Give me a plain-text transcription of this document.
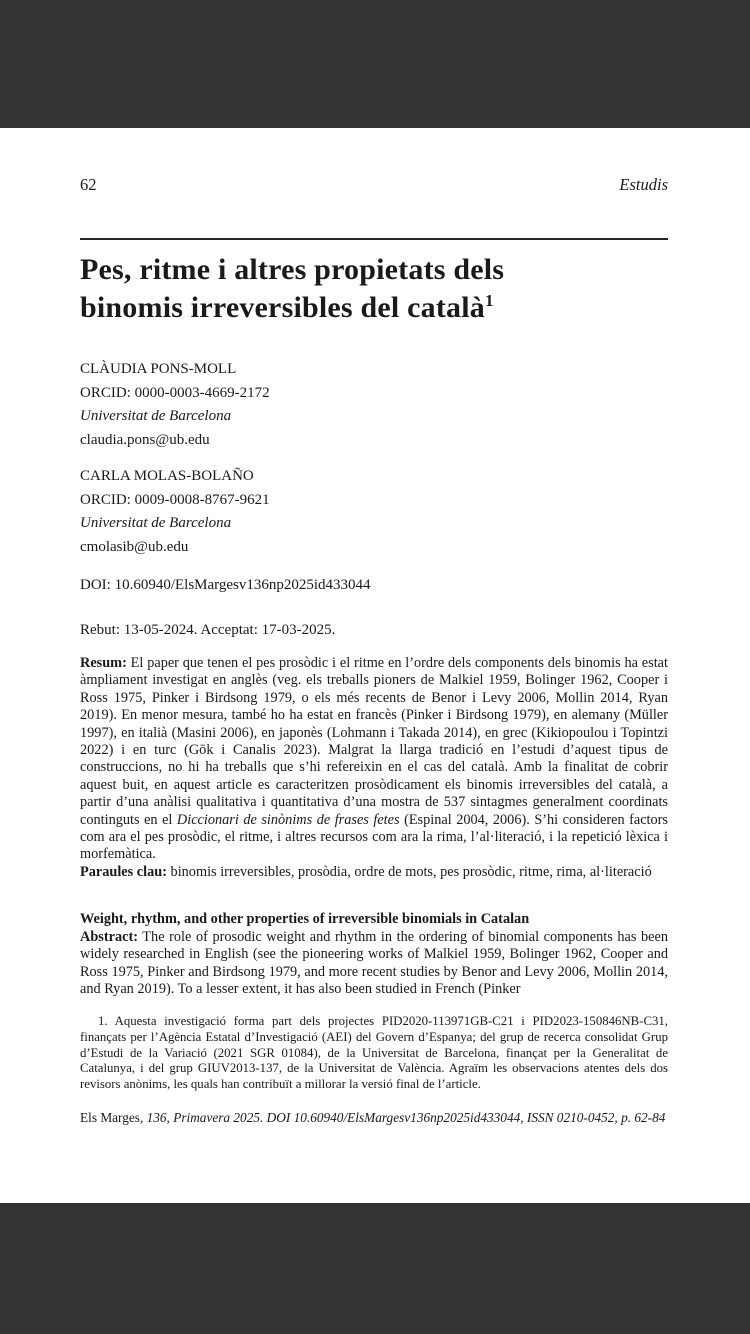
62	Estudis
Pes, ritme i altres propietats dels
binomis irreversibles del català$^1$
CLÀUDIA PONS-MOLL
ORCID: 0000-0003-4669-2172
Universitat de Barcelona
claudia.pons@ub.edu
CARLA MOLAS-BOLAÑO
ORCID: 0009-0008-8767-9621
Universitat de Barcelona
cmolasib@ub.edu

DOI: 10.60940/ElsMargesv136np2025id433044

Rebut: 13-05-2024. Acceptat: 17-03-2025.

Resum: El paper que tenen el pes prosòdic i el ritme en l’ordre dels components dels binomis ha estat àmpliament investigat en anglès (veg. els treballs pioners de Malkiel 1959, Bolinger 1962, Cooper i Ross 1975, Pinker i Birdsong 1979, o els més recents de Benor i Levy 2006, Mollin 2014, Ryan 2019). En menor mesura, també ho ha estat en francès (Pinker i Birdsong 1979), en alemany (Müller 1997), en italià (Masini 2006), en japonès (Lohmann i Takada 2014), en grec (Kikiopoulou i Topintzi 2022) i en turc (Gōk i Canalis 2023). Malgrat la llarga tradició en l’estudi d’aquest tipus de construccions, no hi ha treballs que s’hi refereixin en el cas del català. Amb la finalitat de cobrir aquest buit, en aquest article es caracteritzen prosòdicament els binomis irreversibles del català, a partir d’una anàlisi qualitativa i quantitativa d’una mostra de 537 sintagmes generalment coordinats continguts en el Diccionari de sinònims de frases fetes (Espinal 2004, 2006). S’hi consideren factors com ara el pes prosòdic, el ritme, i altres recursos com ara la rima, l’al·literació, i la repetició lèxica i morfemàtica.

Paraules clau: binomis irreversibles, prosòdia, ordre de mots, pes prosòdic, ritme, rima, al·literació

Weight, rhythm, and other properties of irreversible binomials in Catalan

Abstract: The role of prosodic weight and rhythm in the ordering of binomial components has been widely researched in English (see the pioneering works of Malkiel 1959, Bolinger 1962, Cooper and Ross 1975, Pinker and Birdsong 1979, and more recent studies by Benor and Levy 2006, Mollin 2014, and Ryan 2019). To a lesser extent, it has also been studied in French (Pinker

1. Aquesta investigació forma part dels projectes PID2020-113971GB-C21 i PID2023-150846NB-C31, finançats per l’Agència Estatal d’Investigació (AEI) del Govern d’Espanya; del grup de recerca consolidat Grup d’Estudi de la Variació (2021 SGR 01084), de la Universitat de Barcelona, finançat per la Generalitat de Catalunya, i del grup GIUV2013-137, de la Universitat de València. Agraïm les observacions atentes dels dos revisors anònims, les quals han contribuït a millorar la versió final de l’article.

Els Marges, 136, Primavera 2025. DOI 10.60940/ElsMargesv136np2025id433044, ISSN 0210-0452, p. 62-84
